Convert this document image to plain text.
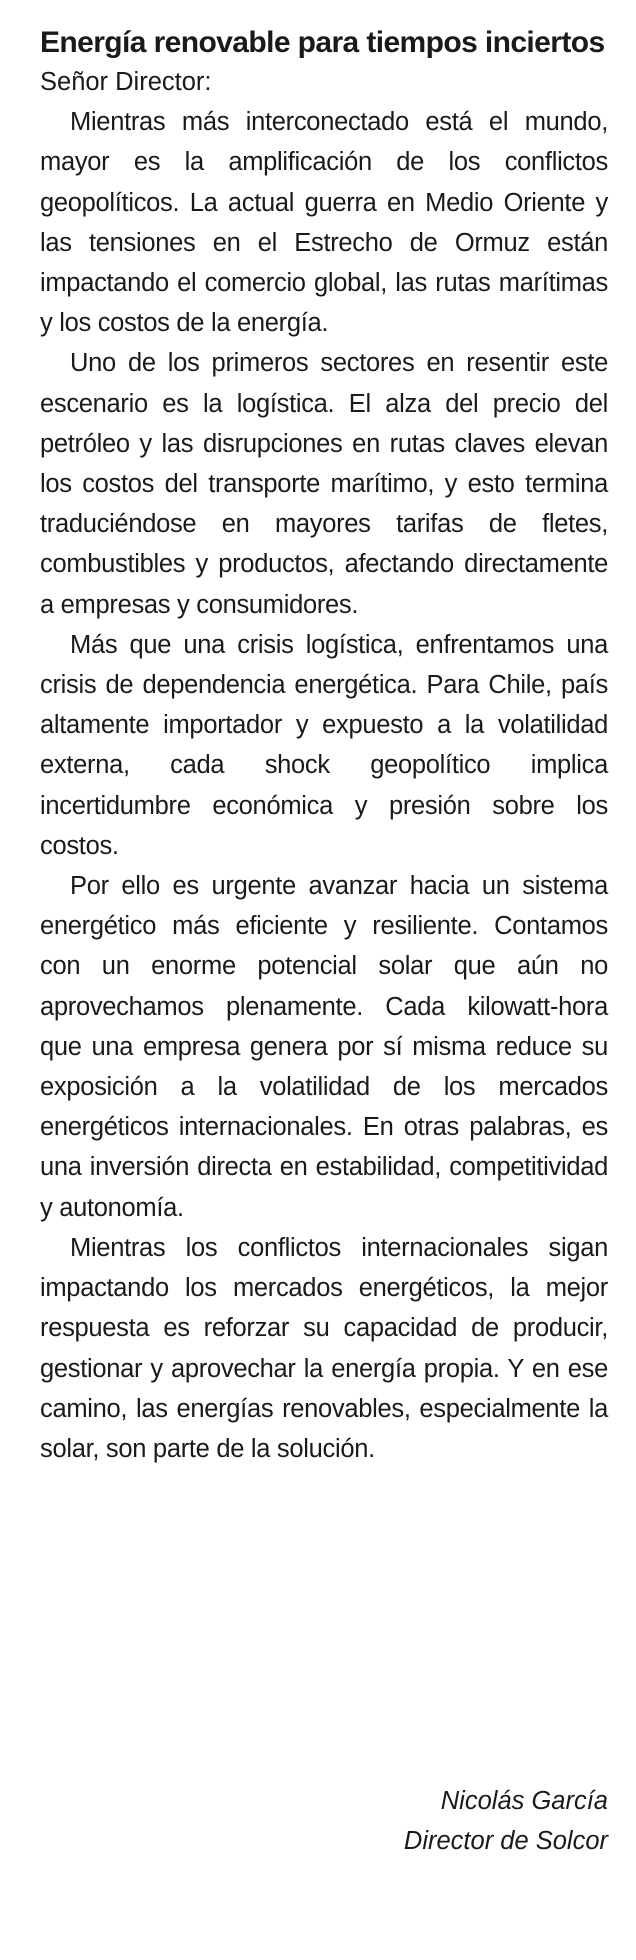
Energía renovable para tiempos inciertos

Señor Director:

Mientras más interconectado está el mundo, mayor es la amplificación de los conflictos geopolíticos. La actual guerra en Medio Oriente y las tensiones en el Estrecho de Ormuz están impactando el comercio global, las rutas marítimas y los costos de la energía.

Uno de los primeros sectores en resentir este escenario es la logística. El alza del precio del petróleo y las disrupciones en rutas claves elevan los costos del transporte marítimo, y esto termina traduciéndose en mayores tarifas de fletes, combustibles y productos, afectando directamente a empresas y consumidores.

Más que una crisis logística, enfrentamos una crisis de dependencia energética. Para Chile, país altamente importador y expuesto a la volatilidad externa, cada shock geopolítico implica incertidumbre económica y presión sobre los costos.

Por ello es urgente avanzar hacia un sistema energético más eficiente y resiliente. Contamos con un enorme potencial solar que aún no aprovechamos plenamente. Cada kilowatt-hora que una empresa genera por sí misma reduce su exposición a la volatilidad de los mercados energéticos internacionales. En otras palabras, es una inversión directa en estabilidad, competitividad y autonomía.

Mientras los conflictos internacionales sigan impactando los mercados energéticos, la mejor respuesta es reforzar su capacidad de producir, gestionar y aprovechar la energía propia. Y en ese camino, las energías renovables, especialmente la solar, son parte de la solución.

Nicolás García
Director de Solcor
